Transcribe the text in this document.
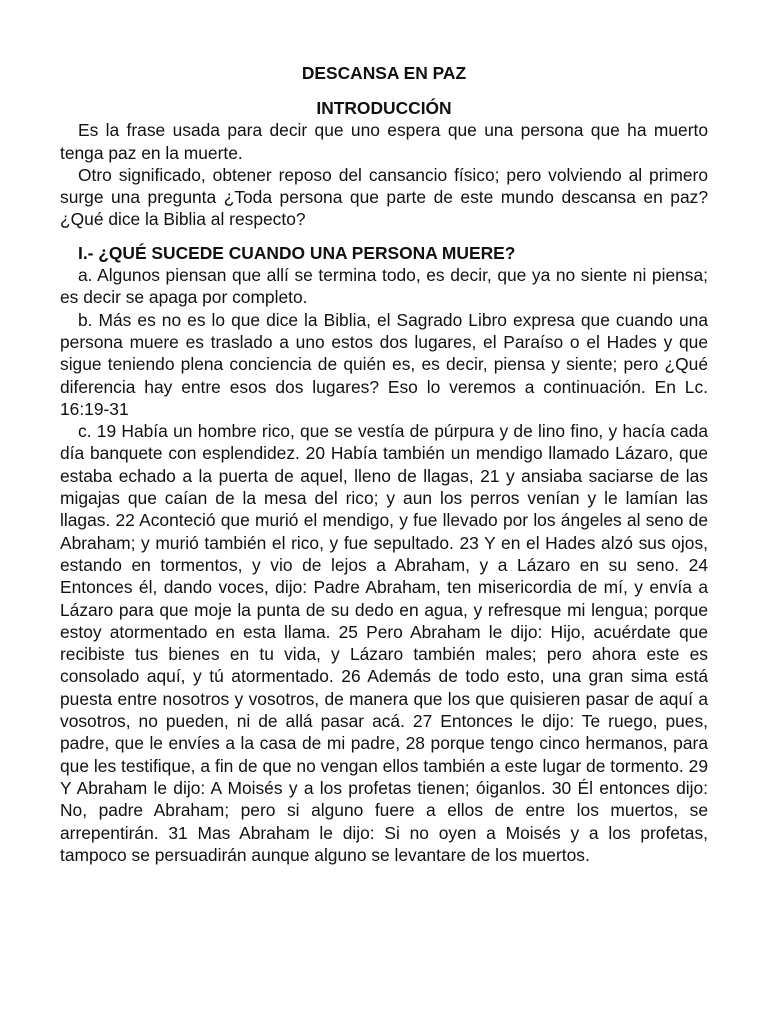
DESCANSA EN PAZ
INTRODUCCIÓN

Es la frase usada para decir que uno espera que una persona que ha muerto tenga paz en la muerte.

Otro significado, obtener reposo del cansancio físico; pero volviendo al primero surge una pregunta ¿Toda persona que parte de este mundo descansa en paz? ¿Qué dice la Biblia al respecto?

I.- ¿QUÉ SUCEDE CUANDO UNA PERSONA MUERE?

a. Algunos piensan que allí se termina todo, es decir, que ya no siente ni piensa; es decir se apaga por completo.

b. Más es no es lo que dice la Biblia, el Sagrado Libro expresa que cuando una persona muere es traslado a uno estos dos lugares, el Paraíso o el Hades y que sigue teniendo plena conciencia de quién es, es decir, piensa y siente; pero ¿Qué diferencia hay entre esos dos lugares? Eso lo veremos a continuación. En Lc. 16:19-31

c. 19 Había un hombre rico, que se vestía de púrpura y de lino fino, y hacía cada día banquete con esplendidez. 20 Había también un mendigo llamado Lázaro, que estaba echado a la puerta de aquel, lleno de llagas, 21 y ansiaba saciarse de las migajas que caían de la mesa del rico; y aun los perros venían y le lamían las llagas. 22 Aconteció que murió el mendigo, y fue llevado por los ángeles al seno de Abraham; y murió también el rico, y fue sepultado. 23 Y en el Hades alzó sus ojos, estando en tormentos, y vio de lejos a Abraham, y a Lázaro en su seno. 24 Entonces él, dando voces, dijo: Padre Abraham, ten misericordia de mí, y envía a Lázaro para que moje la punta de su dedo en agua, y refresque mi lengua; porque estoy atormentado en esta llama. 25 Pero Abraham le dijo: Hijo, acuérdate que recibiste tus bienes en tu vida, y Lázaro también males; pero ahora este es consolado aquí, y tú atormentado. 26 Además de todo esto, una gran sima está puesta entre nosotros y vosotros, de manera que los que quisieren pasar de aquí a vosotros, no pueden, ni de allá pasar acá. 27 Entonces le dijo: Te ruego, pues, padre, que le envíes a la casa de mi padre, 28 porque tengo cinco hermanos, para que les testifique, a fin de que no vengan ellos también a este lugar de tormento. 29 Y Abraham le dijo: A Moisés y a los profetas tienen; óiganlos. 30 Él entonces dijo: No, padre Abraham; pero si alguno fuere a ellos de entre los muertos, se arrepentirán. 31 Mas Abraham le dijo: Si no oyen a Moisés y a los profetas, tampoco se persuadirán aunque alguno se levantare de los muertos.
